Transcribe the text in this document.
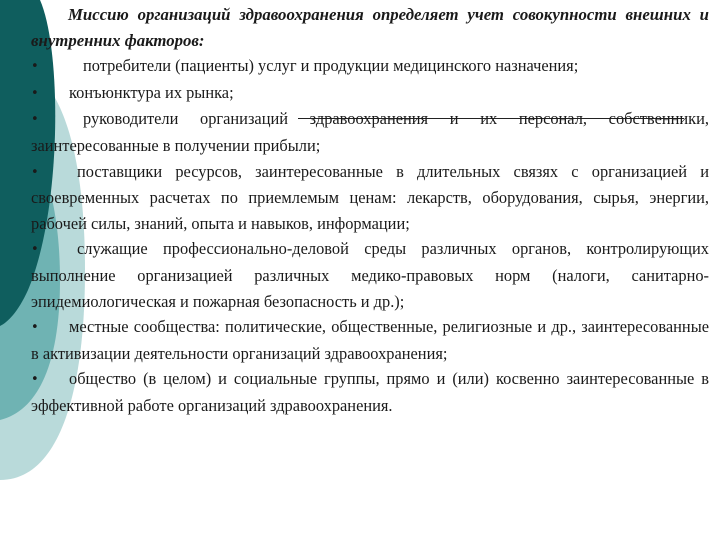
Миссию организаций здравоохранения определяет учет совокупности внешних и внутренних факторов:

•	потребители (пациенты) услуг и продукции медицинского назначения;
• конъюнктура их рынка;
•	руководители организаций здравоохранения и их персонал, собственники, заинтересованные в получении прибыли;
• поставщики ресурсов, заинтересованные в длительных связях с организацией и своевременных расчетах по приемлемым ценам: лекарств, оборудования, сырья, энергии, рабочей силы, знаний, опыта и навыков, информации;
• служащие профессионально-деловой среды различных органов, контролирующих выполнение организацией различных медико-правовых норм (налоги, санитарно-эпидемиологическая и пожарная безопасность и др.);
• местные сообщества: политические, общественные, религиозные и др., заинтересованные в активизации деятельности организаций здравоохранения;
• общество (в целом) и социальные группы, прямо и (или) косвенно заинтересованные в эффективной работе организаций здравоохранения.
